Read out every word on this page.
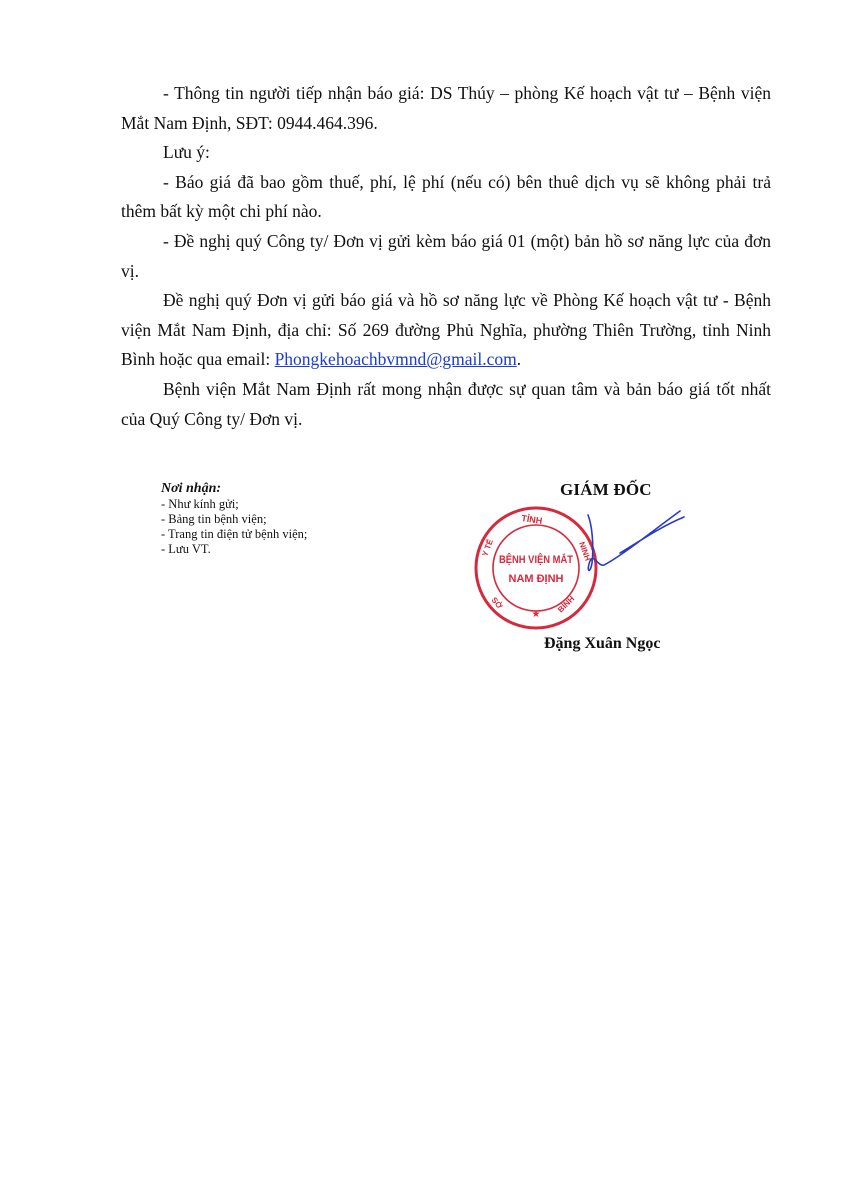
- Thông tin người tiếp nhận báo giá: DS Thúy – phòng Kế hoạch vật tư – Bệnh viện Mắt Nam Định, SĐT: 0944.464.396.

Lưu ý:

- Báo giá đã bao gồm thuế, phí, lệ phí (nếu có) bên thuê dịch vụ sẽ không phải trả thêm bất kỳ một chi phí nào.

- Đề nghị quý Công ty/ Đơn vị gửi kèm báo giá 01 (một) bản hồ sơ năng lực của đơn vị.

Đề nghị quý Đơn vị gửi báo giá và hồ sơ năng lực về Phòng Kế hoạch vật tư - Bệnh viện Mắt Nam Định, địa chỉ: Số 269 đường Phủ Nghĩa, phường Thiên Trường, tỉnh Ninh Bình hoặc qua email: Phongkehoachbvmnd@gmail.com.

Bệnh viện Mắt Nam Định rất mong nhận được sự quan tâm và bản báo giá tốt nhất của Quý Công ty/ Đơn vị.

Nơi nhận:
- Như kính gửi;
- Bảng tin bệnh viện;
- Trang tin điện tử bệnh viện;
- Lưu VT.
GIÁM ĐỐC
TỈNH
Y TẾ	NINH
SỞ	BÌNH
BỆNH VIỆN MẮT
NAM ĐỊNH
★
Đặng Xuân Ngọc
